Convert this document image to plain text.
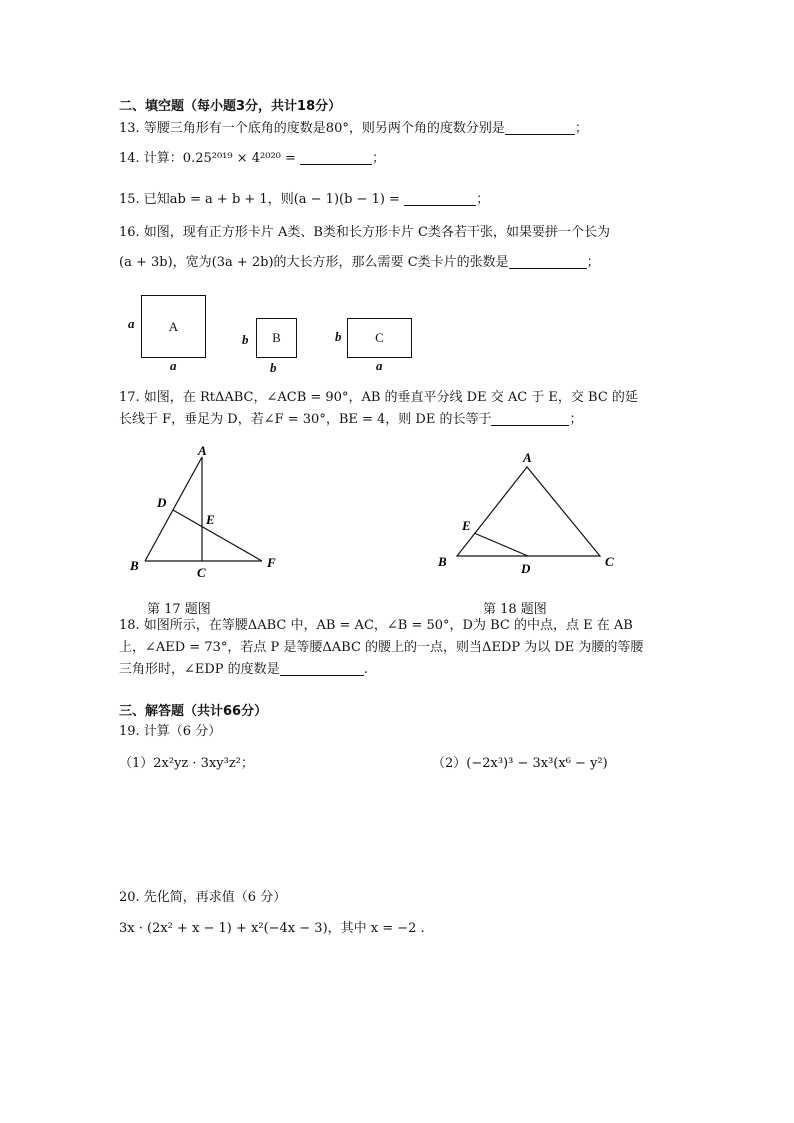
二、填空题（每小题3分，共计18分）
13. 等腰三角形有一个底角的度数是80°，则另两个角的度数分别是	；
14. 计算：0.25²⁰¹⁹ × 4²⁰²⁰ =	；
15. 已知ab = a + b + 1，则(a − 1)(b − 1) =	；
16. 如图，现有正方形卡片 A类、B类和长方形卡片 C类各若干张，如果要拼一个长为
(a + 3b)，宽为(3a + 2b)的大长方形，那么需要 C类卡片的张数是	；
A
a
a
B
b
b
C
b
a
17. 如图，在 RtΔABC，∠ACB = 90°，AB 的垂直平分线 DE 交 AC 于 E，交 BC 的延
长线于 F，垂足为 D，若∠F = 30°，BE = 4，则 DE 的长等于	；
A
B	C
D
E
F
第 17 题图
A
B	C
D
E
第 18 题图
18. 如图所示，在等腰ΔABC 中，AB = AC，∠B = 50°，D为 BC 的中点，点 E 在 AB
上，∠AED = 73°，若点 P 是等腰ΔABC 的腰上的一点，则当ΔEDP 为以 DE 为腰的等腰
三角形时，∠EDP 的度数是	.
三、解答题（共计66分）
19. 计算（6 分）
（1）2x²yz · 3xy³z²；	（2）(−2x³)³ − 3x³(x⁶ − y²)
20. 先化简，再求值（6 分）
3x · (2x² + x − 1) + x²(−4x − 3)，其中 x = −2 .
